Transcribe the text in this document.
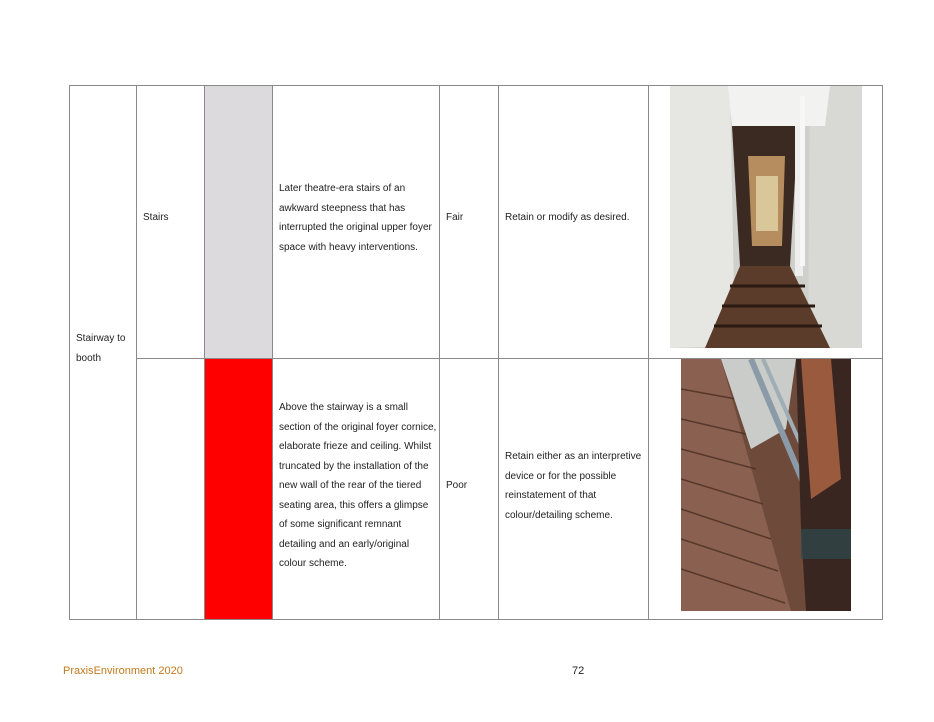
Stairway to booth
Stairs
Later theatre-era stairs of an awkward steepness that has interrupted the original upper foyer space with heavy interventions.
Fair	Retain or modify as desired.
Above the stairway is a small section of the original foyer cornice, elaborate frieze and ceiling. Whilst truncated by the installation of the new wall of the rear of the tiered seating area, this offers a glimpse of some significant remnant detailing and an early/original colour scheme.
Poor
Retain either as an interpretive device or for the possible reinstatement of that colour/detailing scheme.
PraxisEnvironment 2020	72
